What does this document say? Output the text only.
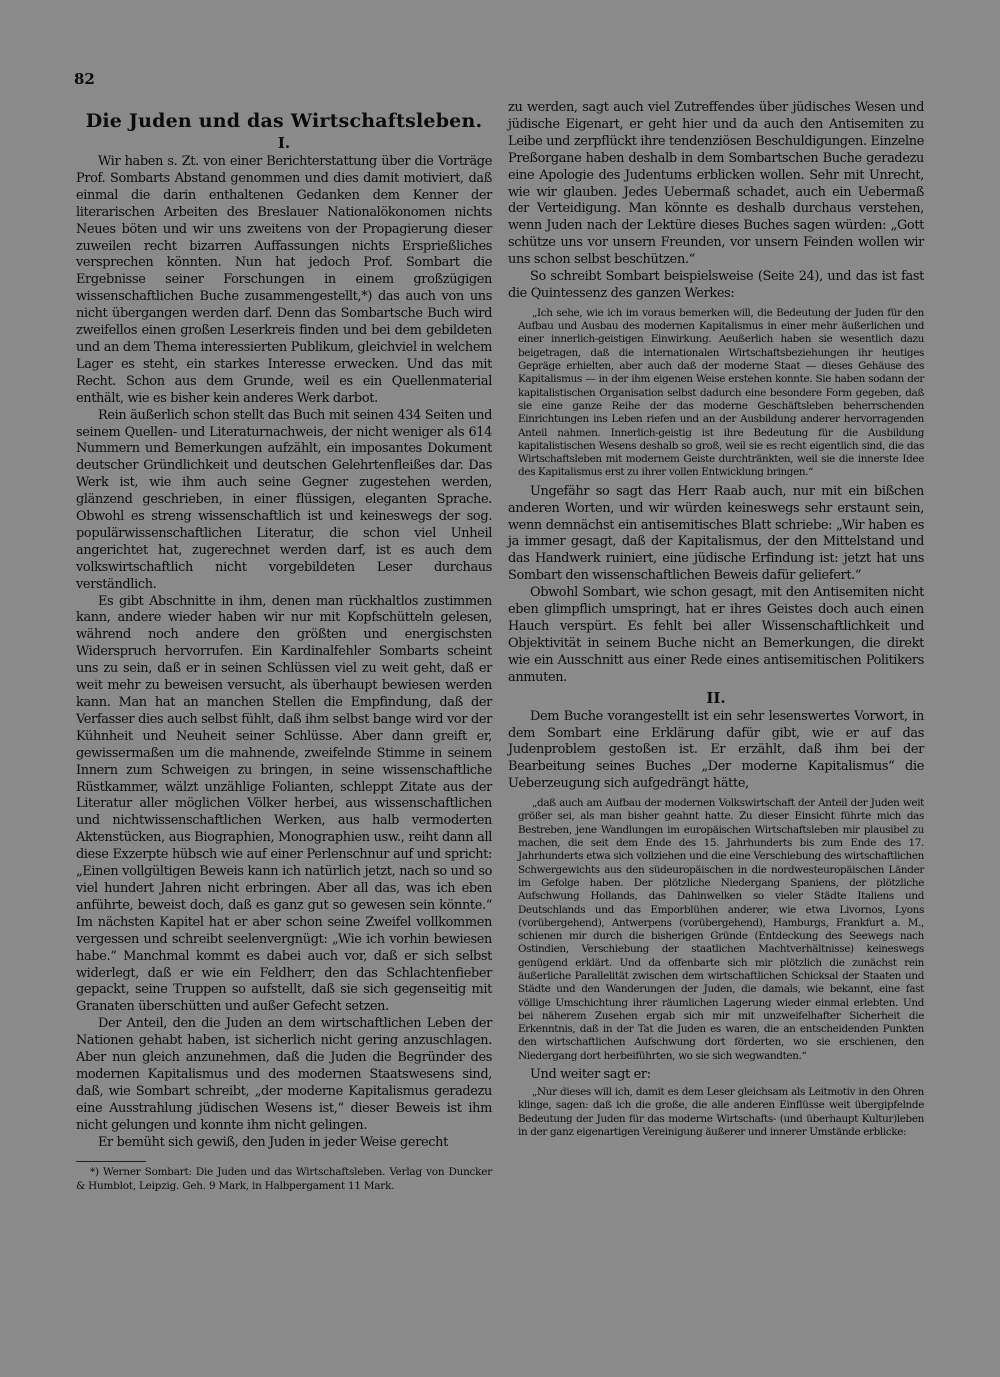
82
Die Juden und das Wirtschaftsleben.
I.

Wir haben s. Zt. von einer Berichterstattung über die Vorträge Prof. Sombarts Abstand genommen und dies damit motiviert, daß einmal die darin enthaltenen Gedanken dem Kenner der literarischen Arbeiten des Breslauer Nationalökonomen nichts Neues böten und wir uns zweitens von der Propagierung dieser zuweilen recht bizarren Auffassungen nichts Ersprießliches versprechen könnten. Nun hat jedoch Prof. Sombart die Ergebnisse seiner Forschungen in einem großzügigen wissenschaftlichen Buche zusammengestellt,*) das auch von uns nicht übergangen werden darf. Denn das Sombartsche Buch wird zweifellos einen großen Leserkreis finden und bei dem gebildeten und an dem Thema interessierten Publikum, gleichviel in welchem Lager es steht, ein starkes Interesse erwecken. Und das mit Recht. Schon aus dem Grunde, weil es ein Quellenmaterial enthält, wie es bisher kein anderes Werk darbot.

Rein äußerlich schon stellt das Buch mit seinen 434 Seiten und seinem Quellen- und Literaturnachweis, der nicht weniger als 614 Nummern und Bemerkungen aufzählt, ein imposantes Dokument deutscher Gründlichkeit und deutschen Gelehrtenfleißes dar. Das Werk ist, wie ihm auch seine Gegner zugestehen werden, glänzend geschrieben, in einer flüssigen, eleganten Sprache. Obwohl es streng wissenschaftlich ist und keineswegs der sog. populärwissenschaftlichen Literatur, die schon viel Unheil angerichtet hat, zugerechnet werden darf, ist es auch dem volkswirtschaftlich nicht vorgebildeten Leser durchaus verständlich.

Es gibt Abschnitte in ihm, denen man rückhaltlos zustimmen kann, andere wieder haben wir nur mit Kopfschütteln gelesen, während noch andere den größten und energischsten Widerspruch hervorrufen. Ein Kardinalfehler Sombarts scheint uns zu sein, daß er in seinen Schlüssen viel zu weit geht, daß er weit mehr zu beweisen versucht, als überhaupt bewiesen werden kann. Man hat an manchen Stellen die Empfindung, daß der Verfasser dies auch selbst fühlt, daß ihm selbst bange wird vor der Kühnheit und Neuheit seiner Schlüsse. Aber dann greift er, gewissermaßen um die mahnende, zweifelnde Stimme in seinem Innern zum Schweigen zu bringen, in seine wissenschaftliche Rüstkammer, wälzt unzählige Folianten, schleppt Zitate aus der Literatur aller möglichen Völker herbei, aus wissenschaftlichen und nichtwissenschaftlichen Werken, aus halb vermoderten Aktenstücken, aus Biographien, Monographien usw., reiht dann all diese Exzerpte hübsch wie auf einer Perlenschnur auf und spricht: „Einen vollgültigen Beweis kann ich natürlich jetzt, nach so und so viel hundert Jahren nicht erbringen. Aber all das, was ich eben anführte, beweist doch, daß es ganz gut so gewesen sein könnte.“ Im nächsten Kapitel hat er aber schon seine Zweifel vollkommen vergessen und schreibt seelenvergnügt: „Wie ich vorhin bewiesen habe.“ Manchmal kommt es dabei auch vor, daß er sich selbst widerlegt, daß er wie ein Feldherr, den das Schlachtenfieber gepackt, seine Truppen so aufstellt, daß sie sich gegenseitig mit Granaten überschütten und außer Gefecht setzen.

Der Anteil, den die Juden an dem wirtschaftlichen Leben der Nationen gehabt haben, ist sicherlich nicht gering anzuschlagen. Aber nun gleich anzunehmen, daß die Juden die Begründer des modernen Kapitalismus und des modernen Staatswesens sind, daß, wie Sombart schreibt, „der moderne Kapitalismus geradezu eine Ausstrahlung jüdischen Wesens ist,“ dieser Beweis ist ihm nicht gelungen und konnte ihm nicht gelingen.

Er bemüht sich gewiß, den Juden in jeder Weise gerecht

*) Werner Sombart: Die Juden und das Wirtschaftsleben. Verlag von Duncker & Humblot, Leipzig. Geh. 9 Mark, in Halbpergament 11 Mark.

zu werden, sagt auch viel Zutreffendes über jüdisches Wesen und jüdische Eigenart, er geht hier und da auch den Antisemiten zu Leibe und zerpflückt ihre tendenziösen Beschuldigungen. Einzelne Preßorgane haben deshalb in dem Sombartschen Buche geradezu eine Apologie des Judentums erblicken wollen. Sehr mit Unrecht, wie wir glauben. Jedes Uebermaß schadet, auch ein Uebermaß der Verteidigung. Man könnte es deshalb durchaus verstehen, wenn Juden nach der Lektüre dieses Buches sagen würden: „Gott schütze uns vor unsern Freunden, vor unsern Feinden wollen wir uns schon selbst beschützen.“

So schreibt Sombart beispielsweise (Seite 24), und das ist fast die Quintessenz des ganzen Werkes:

„Ich sehe, wie ich im voraus bemerken will, die Bedeutung der Juden für den Aufbau und Ausbau des modernen Kapitalismus in einer mehr äußerlichen und einer innerlich-geistigen Einwirkung. Aeußerlich haben sie wesentlich dazu beigetragen, daß die internationalen Wirtschaftsbeziehungen ihr heutiges Gepräge erhielten, aber auch daß der moderne Staat — dieses Gehäuse des Kapitalismus — in der ihm eigenen Weise erstehen konnte. Sie haben sodann der kapitalistischen Organisation selbst dadurch eine besondere Form gegeben, daß sie eine ganze Reihe der das moderne Geschäftsleben beherrschenden Einrichtungen ins Leben riefen und an der Ausbildung anderer hervorragenden Anteil nahmen. Innerlich-geistig ist ihre Bedeutung für die Ausbildung kapitalistischen Wesens deshalb so groß, weil sie es recht eigentlich sind, die das Wirtschaftsleben mit modernem Geiste durchtränkten, weil sie die innerste Idee des Kapitalismus erst zu ihrer vollen Entwicklung bringen.“

Ungefähr so sagt das Herr Raab auch, nur mit ein bißchen anderen Worten, und wir würden keineswegs sehr erstaunt sein, wenn demnächst ein antisemitisches Blatt schriebe: „Wir haben es ja immer gesagt, daß der Kapitalismus, der den Mittelstand und das Handwerk ruiniert, eine jüdische Erfindung ist: jetzt hat uns Sombart den wissenschaftlichen Beweis dafür geliefert.“

Obwohl Sombart, wie schon gesagt, mit den Antisemiten nicht eben glimpflich umspringt, hat er ihres Geistes doch auch einen Hauch verspürt. Es fehlt bei aller Wissenschaftlichkeit und Objektivität in seinem Buche nicht an Bemerkungen, die direkt wie ein Ausschnitt aus einer Rede eines antisemitischen Politikers anmuten.

II.

Dem Buche vorangestellt ist ein sehr lesenswertes Vorwort, in dem Sombart eine Erklärung dafür gibt, wie er auf das Judenproblem gestoßen ist. Er erzählt, daß ihm bei der Bearbeitung seines Buches „Der moderne Kapitalismus“ die Ueberzeugung sich aufgedrängt hätte,

„daß auch am Aufbau der modernen Volkswirtschaft der Anteil der Juden weit größer sei, als man bisher geahnt hatte. Zu dieser Einsicht führte mich das Bestreben, jene Wandlungen im europäischen Wirtschaftsleben mir plausibel zu machen, die seit dem Ende des 15. Jahrhunderts bis zum Ende des 17. Jahrhunderts etwa sich vollziehen und die eine Verschiebung des wirtschaftlichen Schwergewichts aus den südeuropäischen in die nordwesteuropäischen Länder im Gefolge haben. Der plötzliche Niedergang Spaniens, der plötzliche Aufschwung Hollands, das Dahinwelken so vieler Städte Italiens und Deutschlands und das Emporblühen anderer, wie etwa Livornos, Lyons (vorübergehend), Antwerpens (vorübergehend), Hamburgs, Frankfurt a. M., schienen mir durch die bisherigen Gründe (Entdeckung des Seewegs nach Ostindien, Verschiebung der staatlichen Machtverhältnisse) keineswegs genügend erklärt. Und da offenbarte sich mir plötzlich die zunächst rein äußerliche Parallelität zwischen dem wirtschaftlichen Schicksal der Staaten und Städte und den Wanderungen der Juden, die damals, wie bekannt, eine fast völlige Umschichtung ihrer räumlichen Lagerung wieder einmal erlebten. Und bei näherem Zusehen ergab sich mir mit unzweifelhafter Sicherheit die Erkenntnis, daß in der Tat die Juden es waren, die an entscheidenden Punkten den wirtschaftlichen Aufschwung dort förderten, wo sie erschienen, den Niedergang dort herbeiführten, wo sie sich wegwandten.“

Und weiter sagt er:

„Nur dieses will ich, damit es dem Leser gleichsam als Leitmotiv in den Ohren klinge, sagen: daß ich die große, die alle anderen Einflüsse weit übergipfelnde Bedeutung der Juden für das moderne Wirtschafts- (und überhaupt Kultur)leben in der ganz eigenartigen Vereinigung äußerer und innerer Umstände erblicke:
